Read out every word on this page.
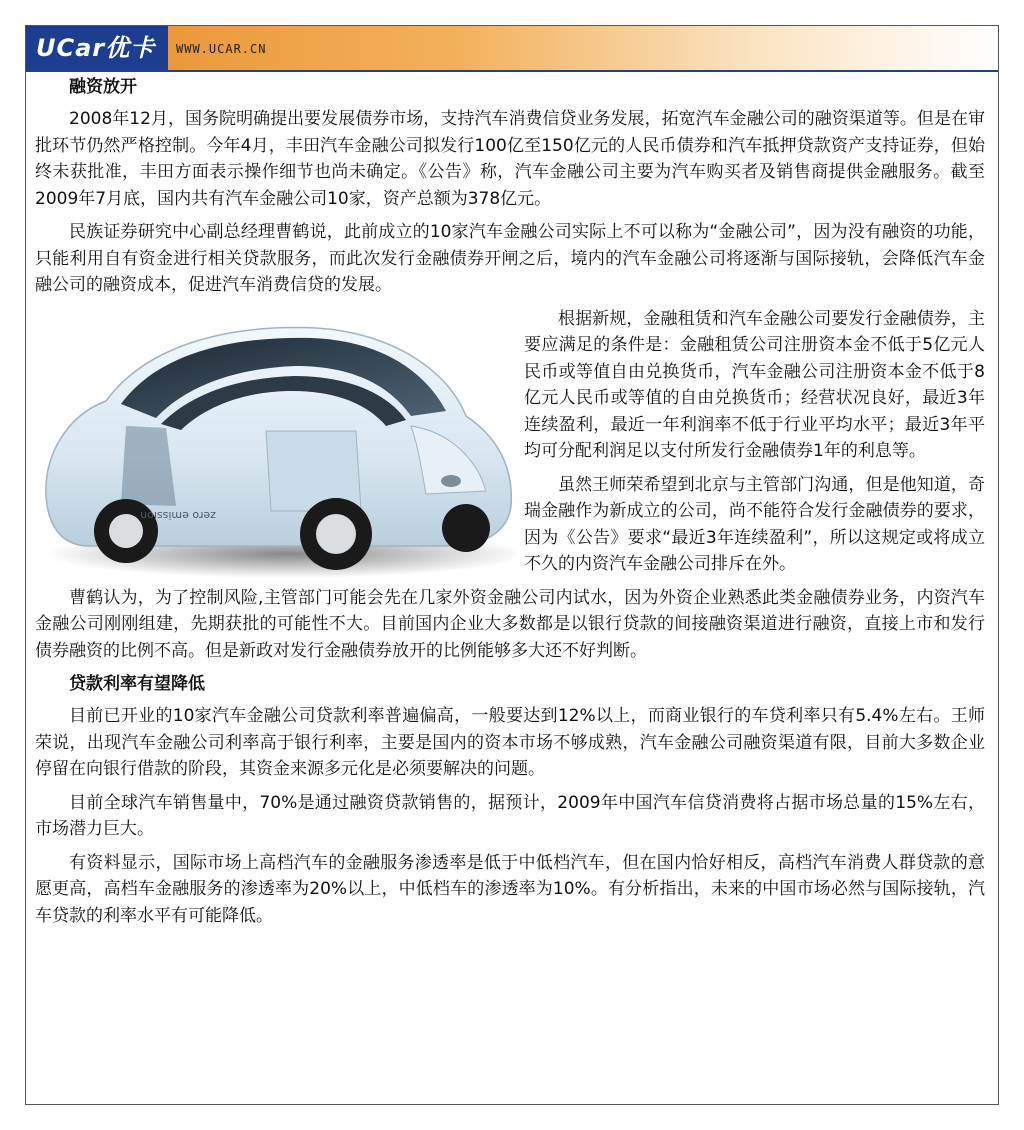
UCar优卡	WWW.UCAR.CN
融资放开

2008年12月，国务院明确提出要发展债券市场，支持汽车消费信贷业务发展，拓宽汽车金融公司的融资渠道等。但是在审批环节仍然严格控制。今年4月，丰田汽车金融公司拟发行100亿至150亿元的人民币债券和汽车抵押贷款资产支持证券，但始终未获批准，丰田方面表示操作细节也尚未确定。《公告》称，汽车金融公司主要为汽车购买者及销售商提供金融服务。截至2009年7月底，国内共有汽车金融公司10家，资产总额为378亿元。

民族证券研究中心副总经理曹鹤说，此前成立的10家汽车金融公司实际上不可以称为“金融公司”，因为没有融资的功能，只能利用自有资金进行相关贷款服务，而此次发行金融债券开闸之后，境内的汽车金融公司将逐渐与国际接轨，会降低汽车金融公司的融资成本，促进汽车消费信贷的发展。

zero emission

根据新规，金融租赁和汽车金融公司要发行金融债券，主要应满足的条件是：金融租赁公司注册资本金不低于5亿元人民币或等值自由兑换货币，汽车金融公司注册资本金不低于8亿元人民币或等值的自由兑换货币；经营状况良好，最近3年连续盈利，最近一年利润率不低于行业平均水平；最近3年平均可分配利润足以支付所发行金融债券1年的利息等。

虽然王师荣希望到北京与主管部门沟通，但是他知道，奇瑞金融作为新成立的公司，尚不能符合发行金融债券的要求，因为《公告》要求“最近3年连续盈利”，所以这规定或将成立不久的内资汽车金融公司排斥在外。

曹鹤认为，为了控制风险,主管部门可能会先在几家外资金融公司内试水，因为外资企业熟悉此类金融债券业务，内资汽车金融公司刚刚组建，先期获批的可能性不大。目前国内企业大多数都是以银行贷款的间接融资渠道进行融资，直接上市和发行债券融资的比例不高。但是新政对发行金融债券放开的比例能够多大还不好判断。

贷款利率有望降低

目前已开业的10家汽车金融公司贷款利率普遍偏高，一般要达到12%以上，而商业银行的车贷利率只有5.4%左右。王师荣说，出现汽车金融公司利率高于银行利率，主要是国内的资本市场不够成熟，汽车金融公司融资渠道有限，目前大多数企业停留在向银行借款的阶段，其资金来源多元化是必须要解决的问题。

目前全球汽车销售量中，70%是通过融资贷款销售的，据预计，2009年中国汽车信贷消费将占据市场总量的15%左右，市场潜力巨大。

有资料显示，国际市场上高档汽车的金融服务渗透率是低于中低档汽车，但在国内恰好相反，高档汽车消费人群贷款的意愿更高，高档车金融服务的渗透率为20%以上，中低档车的渗透率为10%。有分析指出，未来的中国市场必然与国际接轨，汽车贷款的利率水平有可能降低。
